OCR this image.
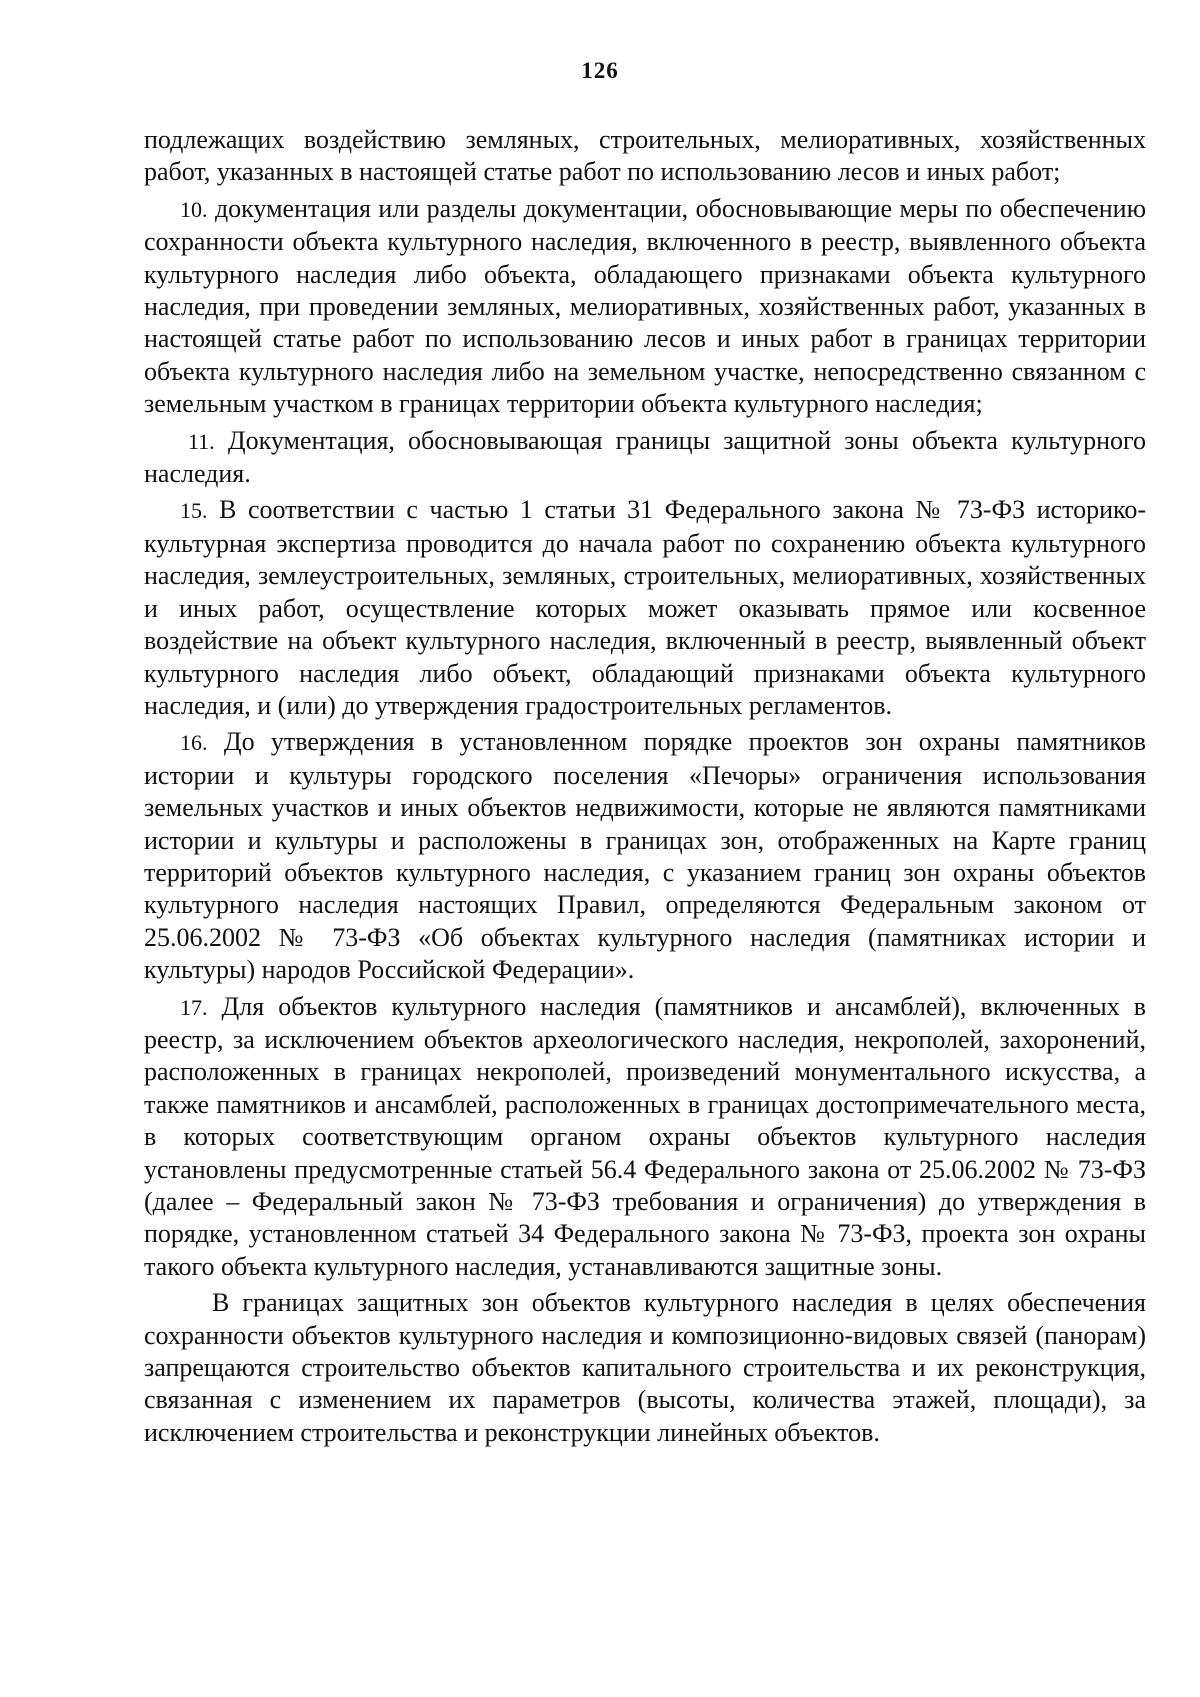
126

подлежащих воздействию земляных, строительных, мелиоративных, хозяйственных работ, указанных в настоящей статье работ по использованию лесов и иных работ;

10. документация или разделы документации, обосновывающие меры по обеспечению сохранности объекта культурного наследия, включенного в реестр, выявленного объекта культурного наследия либо объекта, обладающего признаками объекта культурного наследия, при проведении земляных, мелиоративных, хозяйственных работ, указанных в настоящей статье работ по использованию лесов и иных работ в границах территории объекта культурного наследия либо на земельном участке, непосредственно связанном с земельным участком в границах территории объекта культурного наследия;

11. Документация, обосновывающая границы защитной зоны объекта культурного наследия.

15. В соответствии с частью 1 статьи 31 Федерального закона № 73-ФЗ историко-культурная экспертиза проводится до начала работ по сохранению объекта культурного наследия, землеустроительных, земляных, строительных, мелиоративных, хозяйственных и иных работ, осуществление которых может оказывать прямое или косвенное воздействие на объект культурного наследия, включенный в реестр, выявленный объект культурного наследия либо объект, обладающий признаками объекта культурного наследия, и (или) до утверждения градостроительных регламентов.

16. До утверждения в установленном порядке проектов зон охраны памятников истории и культуры городского поселения «Печоры» ограничения использования земельных участков и иных объектов недвижимости, которые не являются памятниками истории и культуры и расположены в границах зон, отображенных на Карте границ территорий объектов культурного наследия, с указанием границ зон охраны объектов культурного наследия настоящих Правил, определяются Федеральным законом от 25.06.2002 № 73-ФЗ «Об объектах культурного наследия (памятниках истории и культуры) народов Российской Федерации».

17. Для объектов культурного наследия (памятников и ансамблей), включенных в реестр, за исключением объектов археологического наследия, некрополей, захоронений, расположенных в границах некрополей, произведений монументального искусства, а также памятников и ансамблей, расположенных в границах достопримечательного места, в которых соответствующим органом охраны объектов культурного наследия установлены предусмотренные статьей 56.4 Федерального закона от 25.06.2002 № 73-ФЗ (далее – Федеральный закон № 73-ФЗ требования и ограничения) до утверждения в порядке, установленном статьей 34 Федерального закона № 73-ФЗ, проекта зон охраны такого объекта культурного наследия, устанавливаются защитные зоны.

В границах защитных зон объектов культурного наследия в целях обеспечения сохранности объектов культурного наследия и композиционно-видовых связей (панорам) запрещаются строительство объектов капитального строительства и их реконструкция, связанная с изменением их параметров (высоты, количества этажей, площади), за исключением строительства и реконструкции линейных объектов.
